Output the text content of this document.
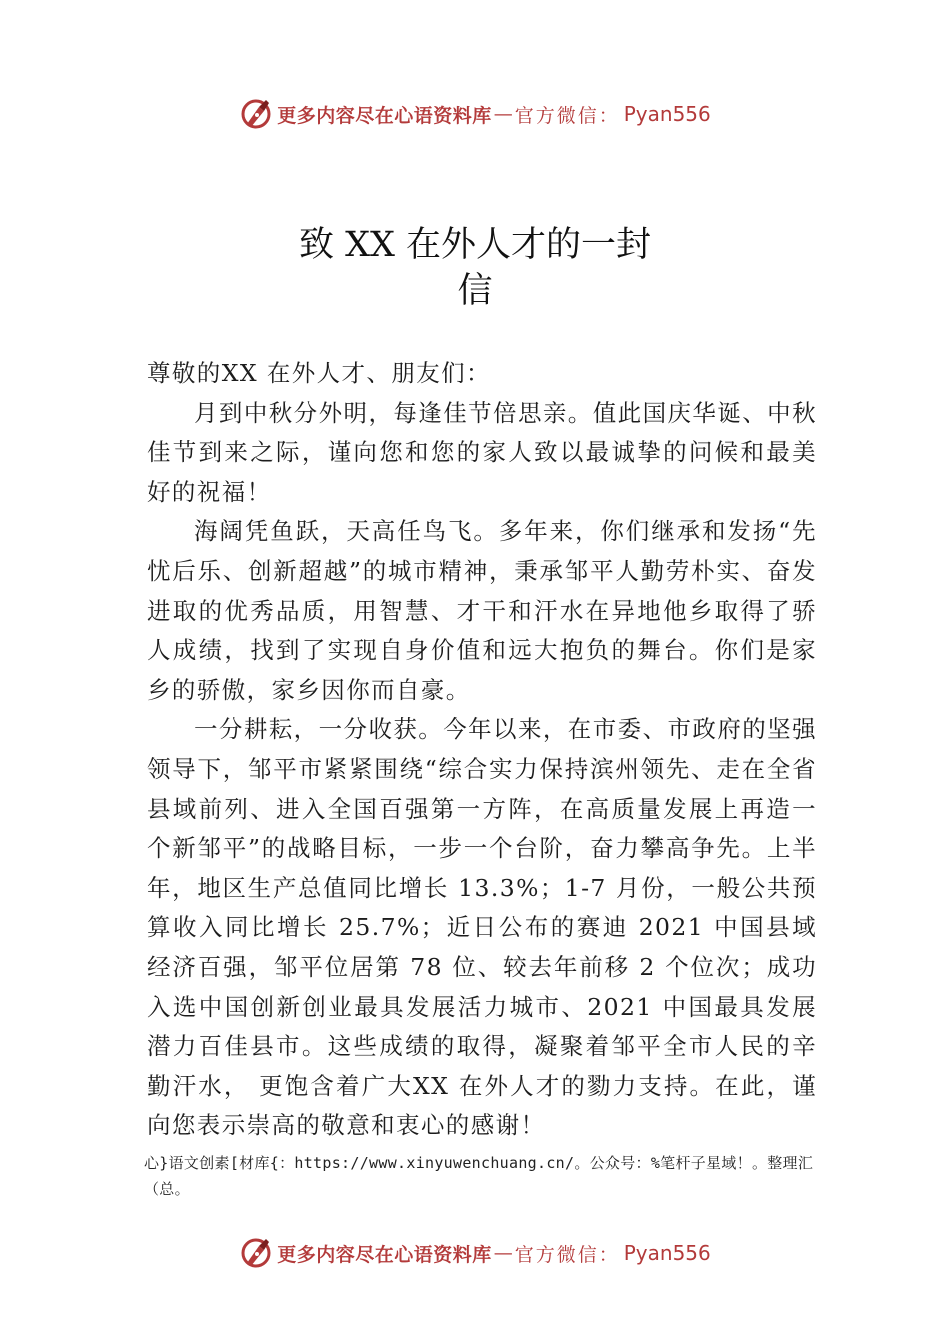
更多内容尽在心语资料库 — 官方微信： Pyan556
致 XX 在外人才的一封
信

尊敬的XX 在外人才、朋友们：

月到中秋分外明，每逢佳节倍思亲。值此国庆华诞、中秋佳节到来之际，谨向您和您的家人致以最诚挚的问候和最美好的祝福！

海阔凭鱼跃，天高任鸟飞。多年来，你们继承和发扬“先忧后乐、创新超越”的城市精神，秉承邹平人勤劳朴实、奋发进取的优秀品质，用智慧、才干和汗水在异地他乡取得了骄人成绩，找到了实现自身价值和远大抱负的舞台。你们是家乡的骄傲，家乡因你而自豪。

一分耕耘，一分收获。今年以来，在市委、市政府的坚强领导下，邹平市紧紧围绕“综合实力保持滨州领先、走在全省县域前列、进入全国百强第一方阵，在高质量发展上再造一个新邹平”的战略目标，一步一个台阶，奋力攀高争先。上半年，地区生产总值同比增长 13.3%；1-7 月份，一般公共预算收入同比增长 25.7%；近日公布的赛迪 2021 中国县域经济百强，邹平位居第 78 位、较去年前移 2 个位次；成功入选中国创新创业最具发展活力城市、2021 中国最具发展潜力百佳县市。这些成绩的取得，凝聚着邹平全市人民的辛勤汗水， 更饱含着广大XX 在外人才的勠力支持。在此，谨向您表示崇高的敬意和衷心的感谢！

心}语文创素[材库{：https://www.xinyuwenchuang.cn/。公众号：%笔杆子星域！。整理汇（总。
更多内容尽在心语资料库 — 官方微信： Pyan556
